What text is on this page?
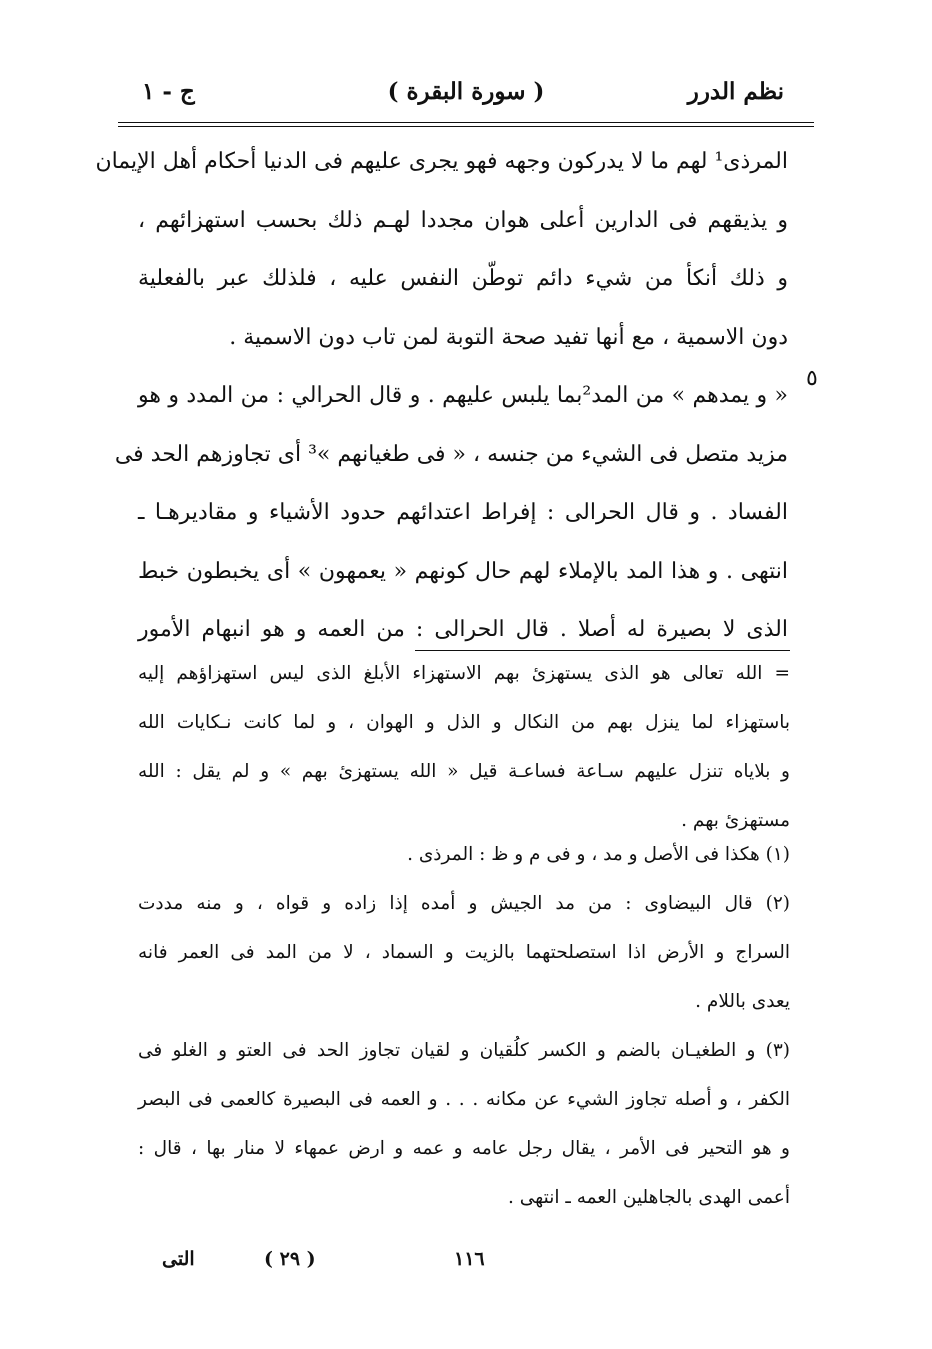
نظم الدرر
( سورة البقرة )
ج - ١
المرذى¹ لهم ما لا يدركون وجهه فهو يجرى عليهم فى الدنيا أحكام أهل الإيمان
و يذيقهم فى الدارين أعلى هوان مجددا لهـم ذلك بحسب استهزائهم ،
و ذلك أنكأ من شيء دائم توطّن النفس عليه ، فلذلك عبر بالفعلية
دون الاسمية ، مع أنها تفيد صحة التوبة لمن تاب دون الاسمية .
« و يمدهم » من المد²بما يلبس عليهم . و قال الحرالي : من المدد و هو
مزيد متصل فى الشيء من جنسه ، « فى طغيانهم »³ أى تجاوزهم الحد فى
الفساد . و قال الحرالى : إفراط اعتدائهم حدود الأشياء و مقاديرهـا ـ
انتهى . و هذا المد بالإملاء لهم حال كونهم « يعمهون » أى يخبطون خبط
الذى لا بصيرة له أصلا . قال الحرالى : من العمه و هو انبهام الأمور
٥
= الله تعالى هو الذى يستهزئ بهم الاستهزاء الأبلغ الذى ليس استهزاؤهم إليه
باستهزاء لما ينزل بهم من النكال و الذل و الهوان ، و لما كانت نـكايات الله
و بلاياه تنزل عليهم سـاعة فساعـة قيل « الله يستهزئ بهم » و لم يقل : الله
مستهزئ بهم .
(١) هكذا فى الأصل و مد ، و فى م و ظ : المرذى .
(٢) قال البيضاوى : من مد الجيش و أمده إذا زاده و قواه ، و منه مددت
السراج و الأرض اذا استصلحتهما بالزيت و السماد ، لا من المد فى العمر فانه
يعدى باللام .
(٣) و الطغيـان بالضم و الكسر كلُقيان و لقيان تجاوز الحد فى العتو و الغلو فى
الكفر ، و أصله تجاوز الشيء عن مكانه . . . و العمه فى البصيرة كالعمى فى البصر
و هو التحير فى الأمر ، يقال رجل عامه و عمه و ارض عمهاء لا منار بها ، قال :
أعمى الهدى بالجاهلين العمه ـ انتهى .
التى	( ٢٩ )	١١٦
